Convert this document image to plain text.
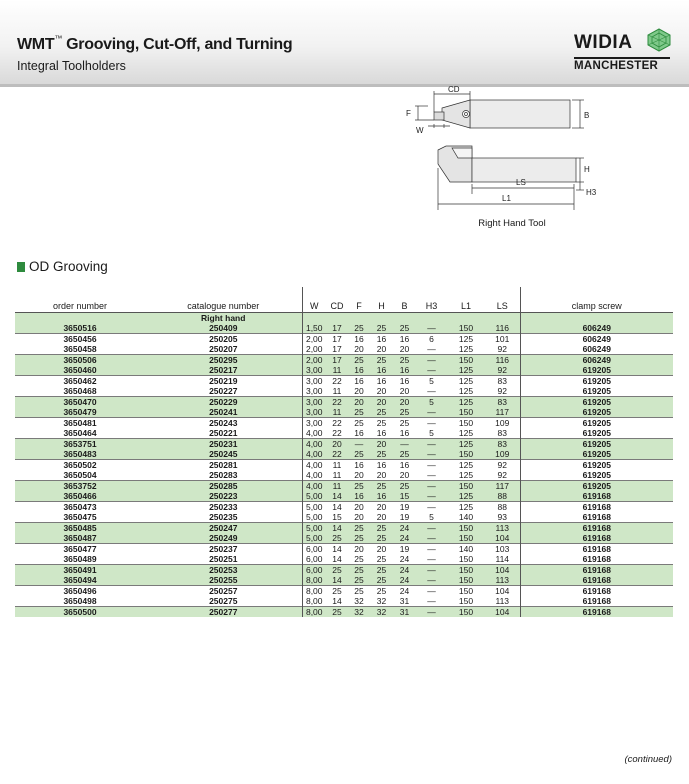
WMT™ Grooving, Cut-Off, and Turning
Integral Toolholders
WIDIA
MANCHESTER
CD
F
W
B
H
H3
LS
L1
Right Hand Tool
OD Grooving
order number	catalogue number	W	CD	F	H	B	H3	L1	LS	clamp screw
	Right hand									
3650516	250409	1,50	17	25	25	25	—	150	116	606249
3650456	250205	2,00	17	16	16	16	6	125	101	606249
3650458	250207	2,00	17	20	20	20	—	125	92	606249
3650506	250295	2,00	17	25	25	25	—	150	116	606249
3650460	250217	3,00	11	16	16	16	—	125	92	619205
3650462	250219	3,00	22	16	16	16	5	125	83	619205
3650468	250227	3,00	11	20	20	20	—	125	92	619205
3650470	250229	3,00	22	20	20	20	5	125	83	619205
3650479	250241	3,00	11	25	25	25	—	150	117	619205
3650481	250243	3,00	22	25	25	25	—	150	109	619205
3650464	250221	4,00	22	16	16	16	5	125	83	619205
3653751	250231	4,00	20	—	20	—	—	125	83	619205
3650483	250245	4,00	22	25	25	25	—	150	109	619205
3650502	250281	4,00	11	16	16	16	—	125	92	619205
3650504	250283	4,00	11	20	20	20	—	125	92	619205
3653752	250285	4,00	11	25	25	25	—	150	117	619205
3650466	250223	5,00	14	16	16	15	—	125	88	619168
3650473	250233	5,00	14	20	20	19	—	125	88	619168
3650475	250235	5,00	15	20	20	19	5	140	93	619168
3650485	250247	5,00	14	25	25	24	—	150	113	619168
3650487	250249	5,00	25	25	25	24	—	150	104	619168
3650477	250237	6,00	14	20	20	19	—	140	103	619168
3650489	250251	6,00	14	25	25	24	—	150	114	619168
3650491	250253	6,00	25	25	25	24	—	150	104	619168
3650494	250255	8,00	14	25	25	24	—	150	113	619168
3650496	250257	8,00	25	25	25	24	—	150	104	619168
3650498	250275	8,00	14	32	32	31	—	150	113	619168
3650500	250277	8,00	25	32	32	31	—	150	104	619168
(continued)
